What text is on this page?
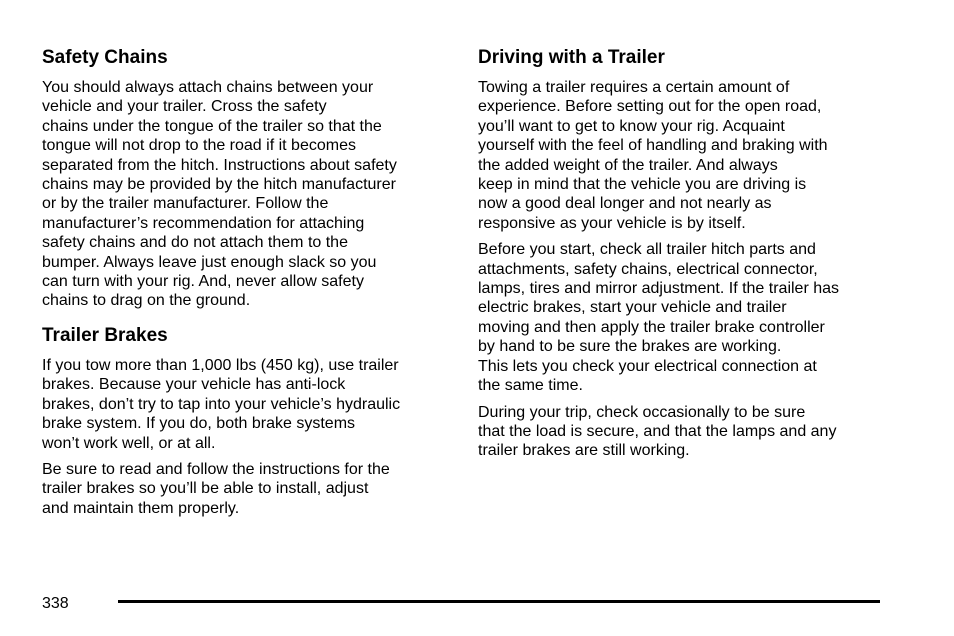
Safety Chains

You should always attach chains between your
vehicle and your trailer. Cross the safety
chains under the tongue of the trailer so that the
tongue will not drop to the road if it becomes
separated from the hitch. Instructions about safety
chains may be provided by the hitch manufacturer
or by the trailer manufacturer. Follow the
manufacturer’s recommendation for attaching
safety chains and do not attach them to the
bumper. Always leave just enough slack so you
can turn with your rig. And, never allow safety
chains to drag on the ground.

Trailer Brakes

If you tow more than 1,000 lbs (450 kg), use trailer
brakes. Because your vehicle has anti-lock
brakes, don’t try to tap into your vehicle’s hydraulic
brake system. If you do, both brake systems
won’t work well, or at all.

Be sure to read and follow the instructions for the
trailer brakes so you’ll be able to install, adjust
and maintain them properly.

Driving with a Trailer

Towing a trailer requires a certain amount of
experience. Before setting out for the open road,
you’ll want to get to know your rig. Acquaint
yourself with the feel of handling and braking with
the added weight of the trailer. And always
keep in mind that the vehicle you are driving is
now a good deal longer and not nearly as
responsive as your vehicle is by itself.

Before you start, check all trailer hitch parts and
attachments, safety chains, electrical connector,
lamps, tires and mirror adjustment. If the trailer has
electric brakes, start your vehicle and trailer
moving and then apply the trailer brake controller
by hand to be sure the brakes are working.
This lets you check your electrical connection at
the same time.

During your trip, check occasionally to be sure
that the load is secure, and that the lamps and any
trailer brakes are still working.

338
